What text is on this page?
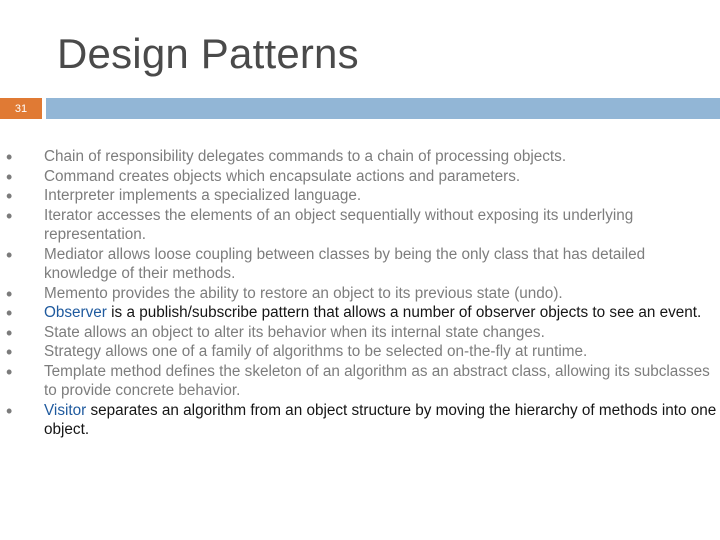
Design Patterns
31
• Chain of responsibility delegates commands to a chain of processing objects.
• Command creates objects which encapsulate actions and parameters.
• Interpreter implements a specialized language.
• Iterator accesses the elements of an object sequentially without exposing its underlying representation.
• Mediator allows loose coupling between classes by being the only class that has detailed knowledge of their methods.
• Memento provides the ability to restore an object to its previous state (undo).
• Observer is a publish/subscribe pattern that allows a number of observer objects to see an event.
• State allows an object to alter its behavior when its internal state changes.
• Strategy allows one of a family of algorithms to be selected on-the-fly at runtime.
• Template method defines the skeleton of an algorithm as an abstract class, allowing its subclasses to provide concrete behavior.
• Visitor separates an algorithm from an object structure by moving the hierarchy of methods into one object.
